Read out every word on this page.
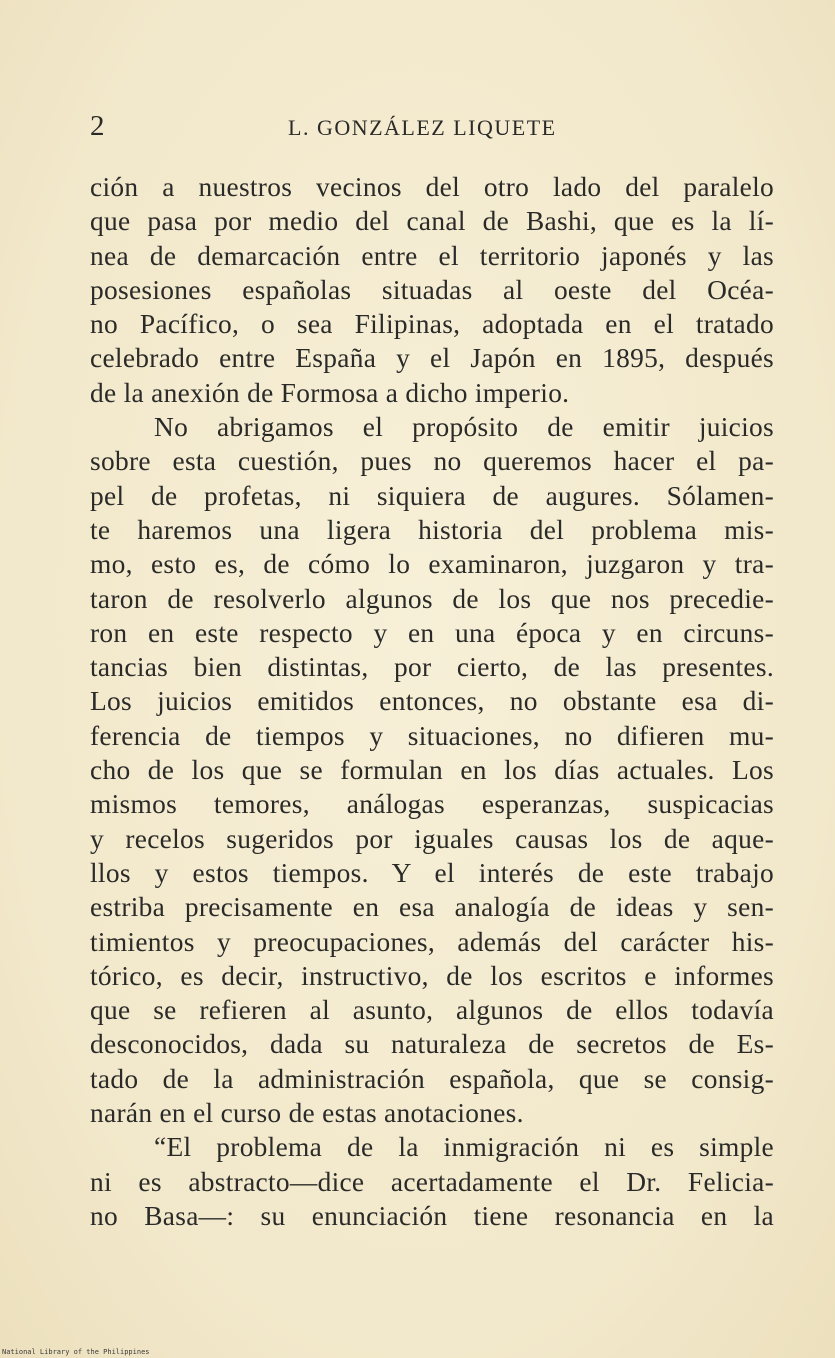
2	L. GONZÁLEZ LIQUETE
ción a nuestros vecinos del otro lado del paralelo
que pasa por medio del canal de Bashi, que es la lí-
nea de demarcación entre el territorio japonés y las
posesiones españolas situadas al oeste del Océa-
no Pacífico, o sea Filipinas, adoptada en el tratado
celebrado entre España y el Japón en 1895, después
de la anexión de Formosa a dicho imperio.
No abrigamos el propósito de emitir juicios
sobre esta cuestión, pues no queremos hacer el pa-
pel de profetas, ni siquiera de augures. Sólamen-
te haremos una ligera historia del problema mis-
mo, esto es, de cómo lo examinaron, juzgaron y tra-
taron de resolverlo algunos de los que nos precedie-
ron en este respecto y en una época y en circuns-
tancias bien distintas, por cierto, de las presentes.
Los juicios emitidos entonces, no obstante esa di-
ferencia de tiempos y situaciones, no difieren mu-
cho de los que se formulan en los días actuales. Los
mismos temores, análogas esperanzas, suspicacias
y recelos sugeridos por iguales causas los de aque-
llos y estos tiempos. Y el interés de este trabajo
estriba precisamente en esa analogía de ideas y sen-
timientos y preocupaciones, además del carácter his-
tórico, es decir, instructivo, de los escritos e informes
que se refieren al asunto, algunos de ellos todavía
desconocidos, dada su naturaleza de secretos de Es-
tado de la administración española, que se consig-
narán en el curso de estas anotaciones.
“El problema de la inmigración ni es simple
ni es abstracto—dice acertadamente el Dr. Felicia-
no Basa—: su enunciación tiene resonancia en la
National Library of the Philippines
